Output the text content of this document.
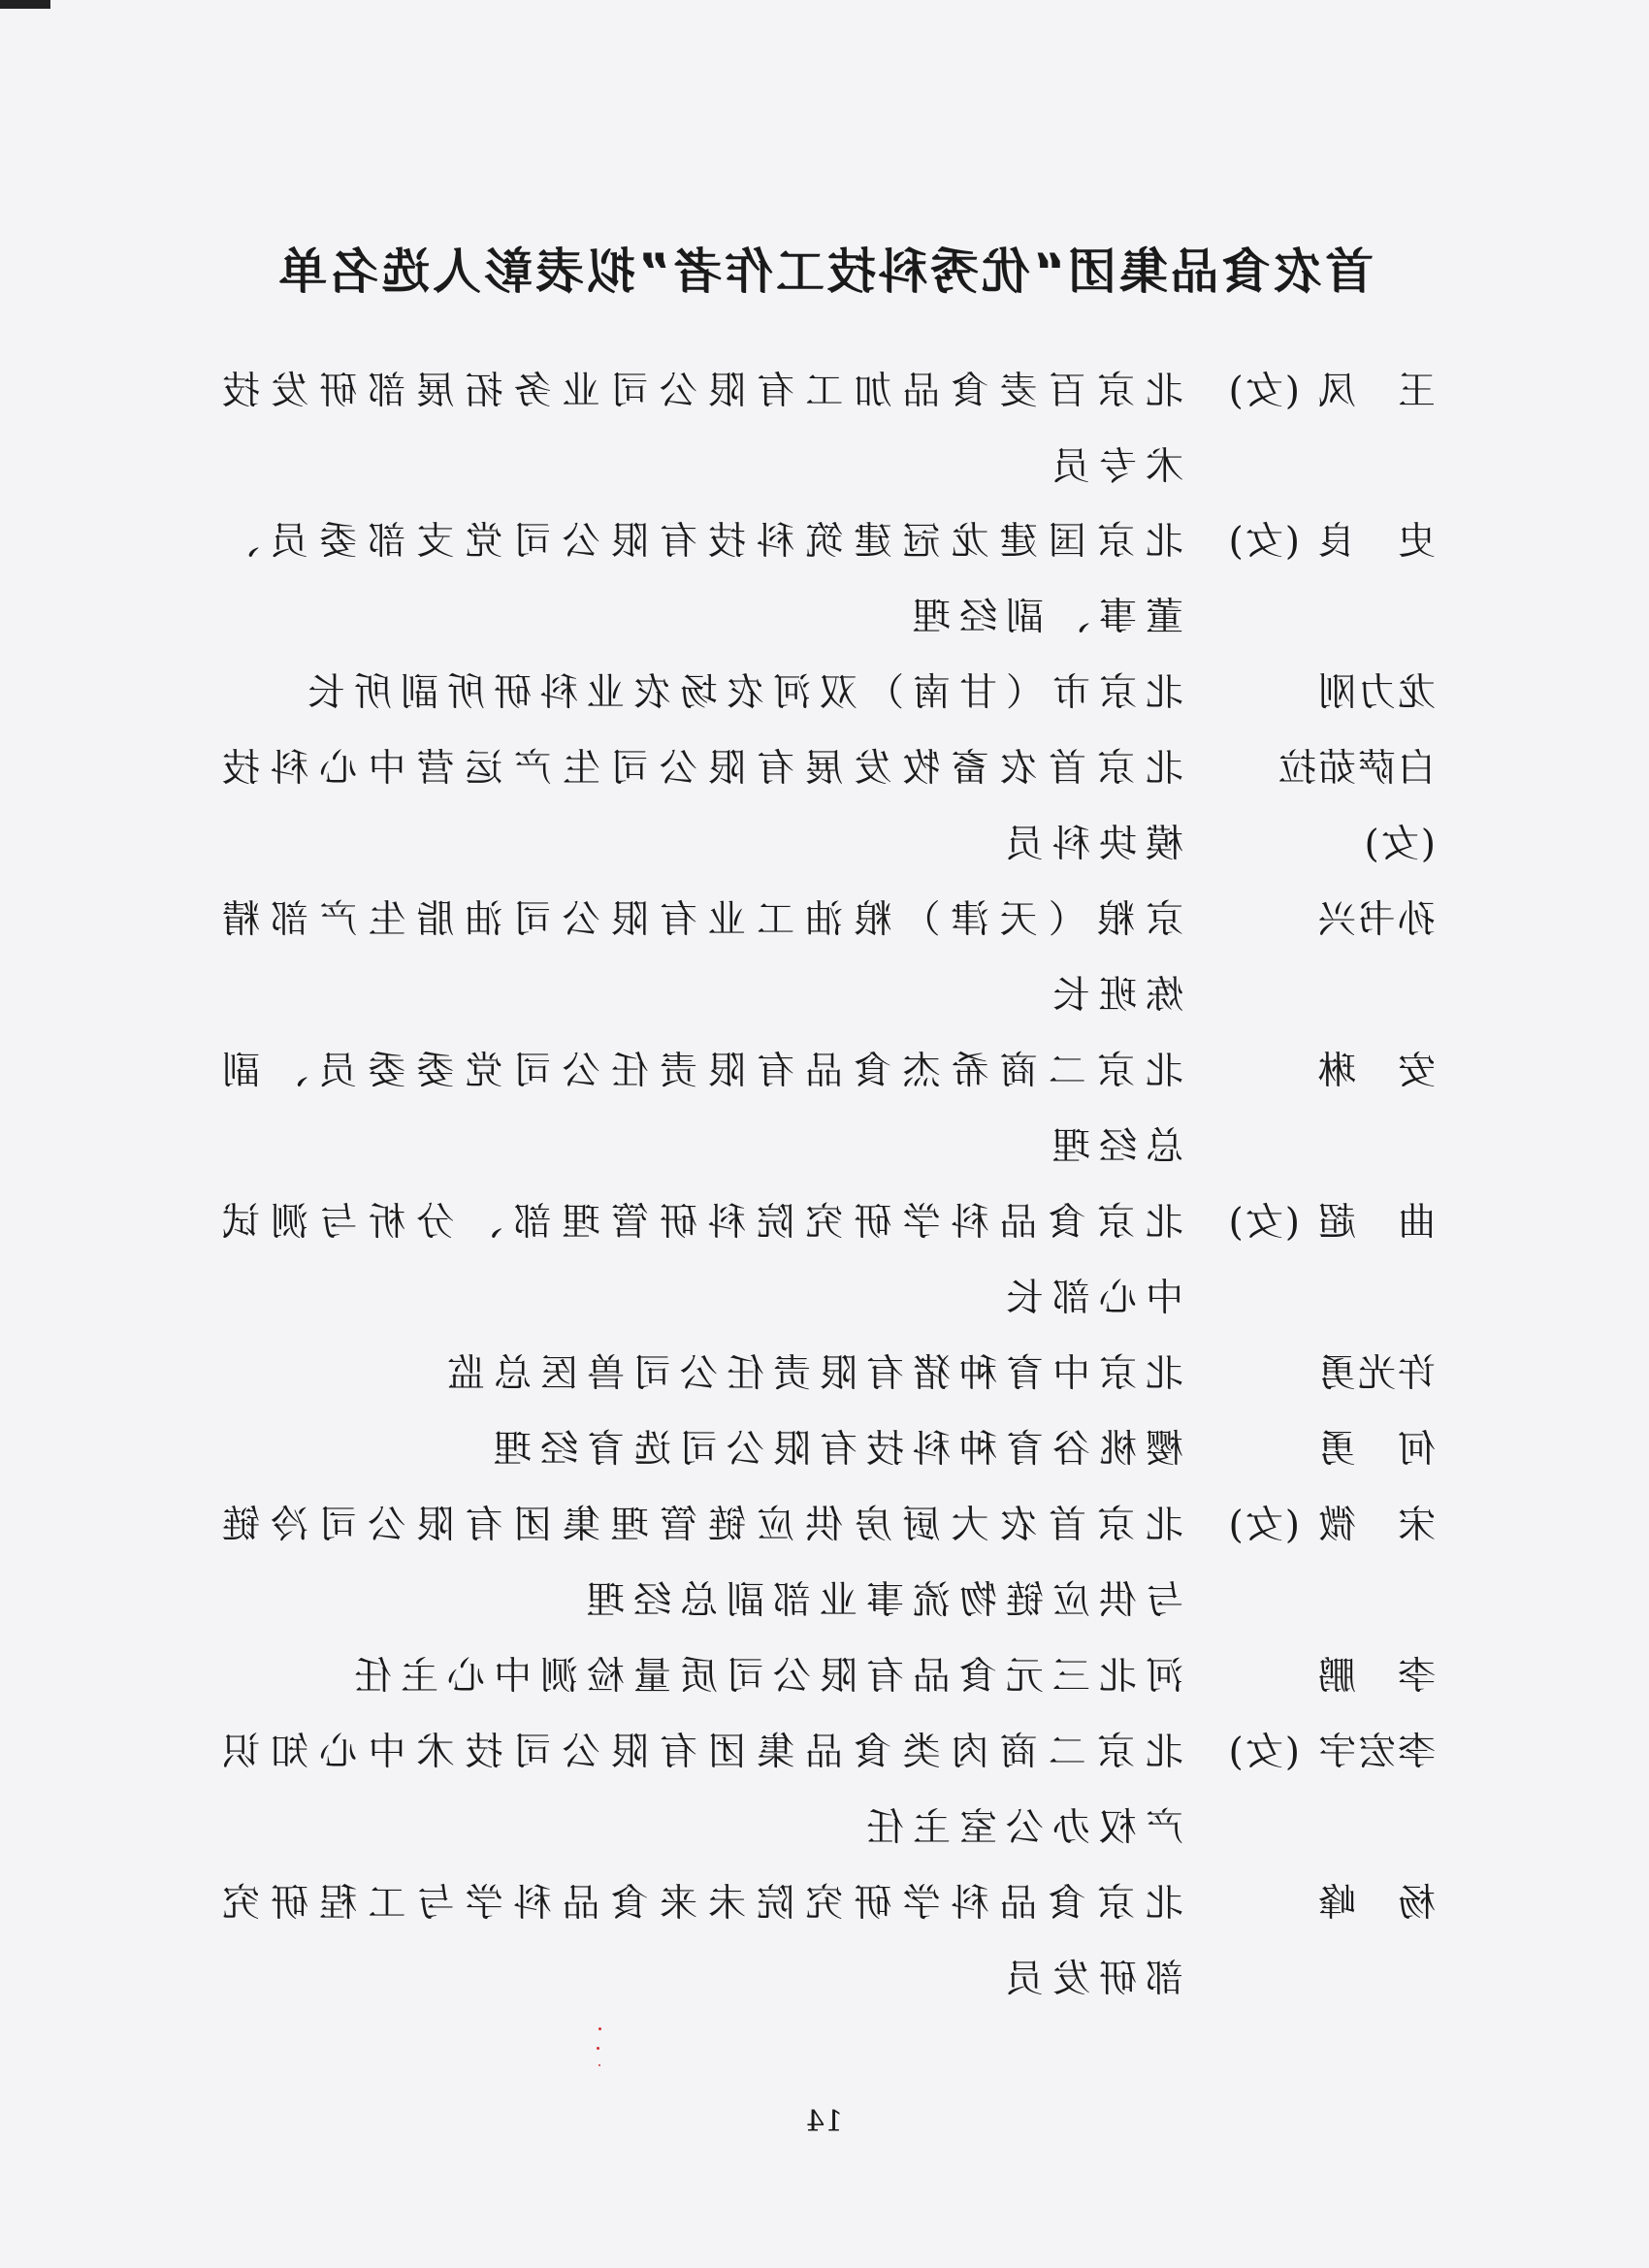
首农食品集团“优秀科技工作者”拟表彰人选名单
王　凤
(女)
北京百麦食品加工有限公司业务拓展部研发技术专员
史　良
(女)
北京国建龙冠建筑科技有限公司党支部委员、董事、副经理
龙力刚
北京市（甘南）双河农场农业科研所副所长
白萨茹拉
(女)
北京首农畜牧发展有限公司生产运营中心科技模块科员
孙书兴
京粮（天津）粮油工业有限公司油脂生产部精炼班长
安　琳
北京二商希杰食品有限责任公司党委委员、副总经理
曲　超
(女)
北京食品科学研究院科研管理部、分析与测试中心部长
许光勇
北京中育种猪有限责任公司兽医总监
何　勇
樱桃谷育种科技有限公司选育经理
宋　微
(女)
北京首农大厨房供应链管理集团有限公司冷链与供应链物流事业部副总经理
李　鹏
河北三元食品有限公司质量检测中心主任
李宏宇
(女)
北京二商肉类食品集团有限公司技术中心知识产权办公室主任
杨　峰
北京食品科学研究院未来食品科学与工程研究部研发员
14
